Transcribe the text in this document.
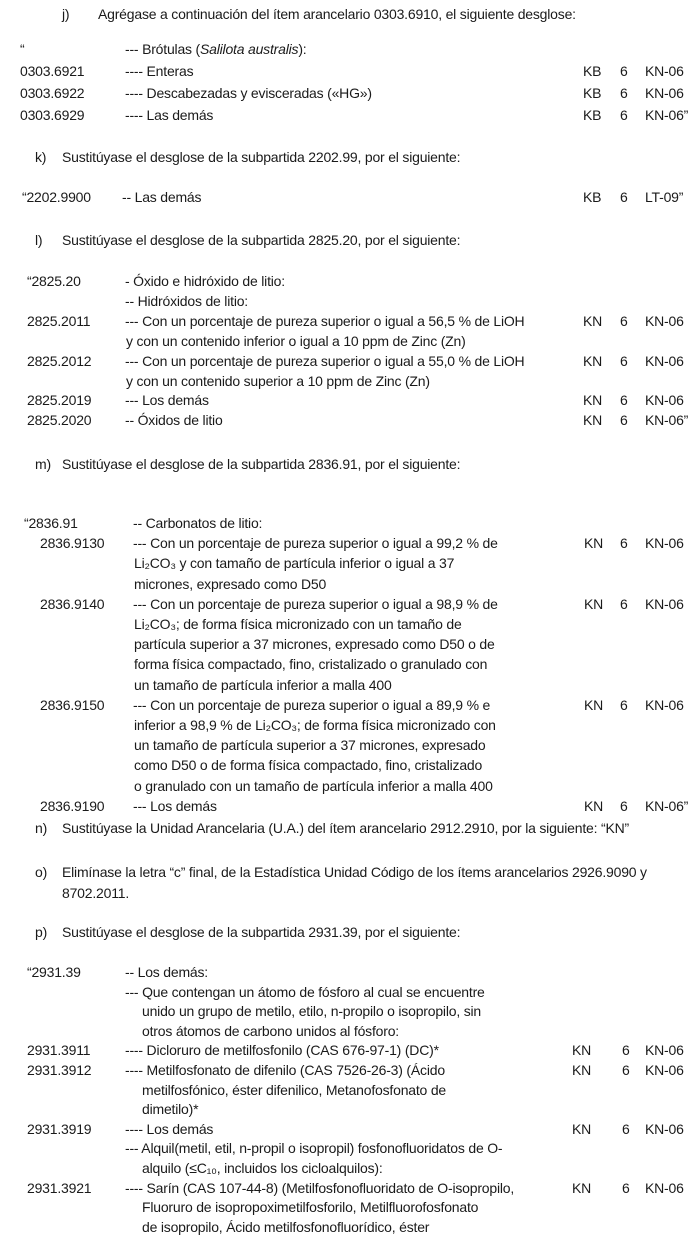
j) Agrégase a continuación del ítem arancelario 0303.6910, el siguiente desglose:
“	--- Brótulas (Salilota australis):
0303.6921	---- Enteras	KB 6 KN-06
0303.6922	---- Descabezadas y evisceradas («HG»)	KB 6 KN-06
0303.6929	---- Las demás	KB 6 KN-06”
k) Sustitúyase el desglose de la subpartida 2202.99, por el siguiente:
“2202.9900 -- Las demás	KB 6 LT-09”
l) Sustitúyase el desglose de la subpartida 2825.20, por el siguiente:
“2825.20	- Óxido e hidróxido de litio:
-- Hidróxidos de litio:
2825.2011 --- Con un porcentaje de pureza superior o igual a 56,5 % de LiOH
y con un contenido inferior o igual a 10 ppm de Zinc (Zn)
KN 6 KN-06
2825.2012 --- Con un porcentaje de pureza superior o igual a 55,0 % de LiOH
y con un contenido superior a 10 ppm de Zinc (Zn)
KN 6 KN-06
2825.2019 --- Los demás	KN 6 KN-06
2825.2020 -- Óxidos de litio	KN 6 KN-06”
m) Sustitúyase el desglose de la subpartida 2836.91, por el siguiente:
“2836.91	-- Carbonatos de litio:
2836.9130 --- Con un porcentaje de pureza superior o igual a 99,2 % de
Li₂CO₃ y con tamaño de partícula inferior o igual a 37
micrones, expresado como D50
KN 6 KN-06
2836.9140 --- Con un porcentaje de pureza superior o igual a 98,9 % de
Li₂CO₃; de forma física micronizado con un tamaño de
partícula superior a 37 micrones, expresado como D50 o de
forma física compactado, fino, cristalizado o granulado con
un tamaño de partícula inferior a malla 400
KN 6 KN-06
2836.9150 --- Con un porcentaje de pureza superior o igual a 89,9 % e
inferior a 98,9 % de Li₂CO₃; de forma física micronizado con
un tamaño de partícula superior a 37 micrones, expresado
como D50 o de forma física compactado, fino, cristalizado
o granulado con un tamaño de partícula inferior a malla 400
KN 6 KN-06
2836.9190 --- Los demás	KN 6 KN-06”
n) Sustitúyase la Unidad Arancelaria (U.A.) del ítem arancelario 2912.2910, por la siguiente: “KN”
o) Elimínase la letra “c” final, de la Estadística Unidad Código de los ítems arancelarios 2926.9090 y
8702.2011.
p) Sustitúyase el desglose de la subpartida 2931.39, por el siguiente:
“2931.39	-- Los demás:
--- Que contengan un átomo de fósforo al cual se encuentre
unido un grupo de metilo, etilo, n-propilo o isopropilo, sin
otros átomos de carbono unidos al fósforo:
2931.3911 ---- Dicloruro de metilfosfonilo (CAS 676-97-1) (DC)*	KN 6 KN-06
2931.3912 ---- Metilfosfonato de difenilo (CAS 7526-26-3) (Ácido
metilfosfónico, éster difenilico, Metanofosfonato de
dimetilo)*
KN 6 KN-06
2931.3919 ---- Los demás	KN 6 KN-06
--- Alquil(metil, etil, n-propil o isopropil) fosfonofluoridatos de O-
alquilo (≤C₁₀, incluidos los cicloalquilos):
2931.3921 ---- Sarín (CAS 107-44-8) (Metilfosfonofluoridato de O-isopropilo,
Fluoruro de isopropoximetilfosforilo, Metilfluorofosfonato
de isopropilo, Ácido metilfosfonofluorídico, éster
KN 6 KN-06
